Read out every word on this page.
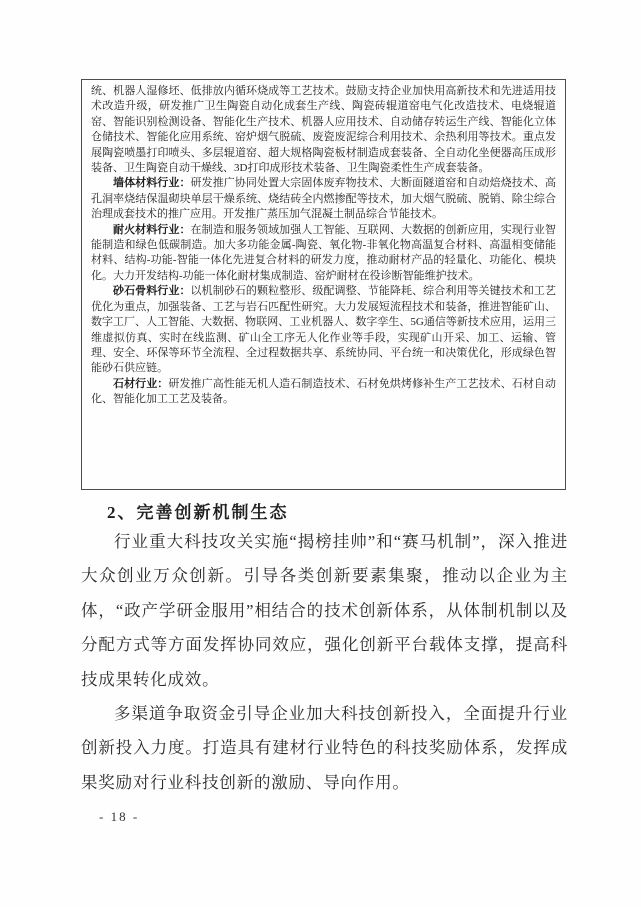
统、机器人湿修坯、低排放内循环烧成等工艺技术。鼓励支持企业加快用高新技术和先进适用技术改造升级，研发推广卫生陶瓷自动化成套生产线、陶瓷砖辊道窑电气化改造技术、电烧辊道窑、智能识别检测设备、智能化生产技术、机器人应用技术、自动储存转运生产线、智能化立体仓储技术、智能化应用系统、窑炉烟气脱硫、废瓷废泥综合利用技术、余热利用等技术。重点发展陶瓷喷墨打印喷头、多层辊道窑、超大规格陶瓷板材制造成套装备、全自动化坐便器高压成形装备、卫生陶瓷自动干燥线、3D打印成形技术装备、卫生陶瓷柔性生产成套装备。

墙体材料行业：研发推广协同处置大宗固体废弃物技术、大断面隧道窑和自动焙烧技术、高孔洞率烧结保温砌块单层干燥系统、烧结砖全内燃掺配等技术，加大烟气脱硫、脱销、除尘综合治理成套技术的推广应用。开发推广蒸压加气混凝土制品综合节能技术。

耐火材料行业：在制造和服务领域加强人工智能、互联网、大数据的创新应用，实现行业智能制造和绿色低碳制造。加大多功能金属-陶瓷、氧化物-非氧化物高温复合材料、高温相变储能材料、结构-功能-智能一体化先进复合材料的研发力度，推动耐材产品的轻量化、功能化、模块化。大力开发结构-功能一体化耐材集成制造、窑炉耐材在役诊断智能维护技术。

砂石骨料行业：以机制砂石的颗粒整形、级配调整、节能降耗、综合利用等关键技术和工艺优化为重点，加强装备、工艺与岩石匹配性研究。大力发展短流程技术和装备，推进智能矿山、数字工厂、人工智能、大数据、物联网、工业机器人、数字孪生、5G通信等新技术应用，运用三维虚拟仿真、实时在线监测、矿山全工序无人化作业等手段，实现矿山开采、加工、运输、管理、安全、环保等环节全流程、全过程数据共享、系统协同、平台统一和决策优化，形成绿色智能砂石供应链。

石材行业：研发推广高性能无机人造石制造技术、石材免烘烤修补生产工艺技术、石材自动化、智能化加工工艺及装备。

2、完善创新机制生态

行业重大科技攻关实施“揭榜挂帅”和“赛马机制”，深入推进大众创业万众创新。引导各类创新要素集聚，推动以企业为主体，“政产学研金服用”相结合的技术创新体系，从体制机制以及分配方式等方面发挥协同效应，强化创新平台载体支撑，提高科技成果转化成效。

多渠道争取资金引导企业加大科技创新投入，全面提升行业创新投入力度。打造具有建材行业特色的科技奖励体系，发挥成果奖励对行业科技创新的激励、导向作用。

- 18 -
